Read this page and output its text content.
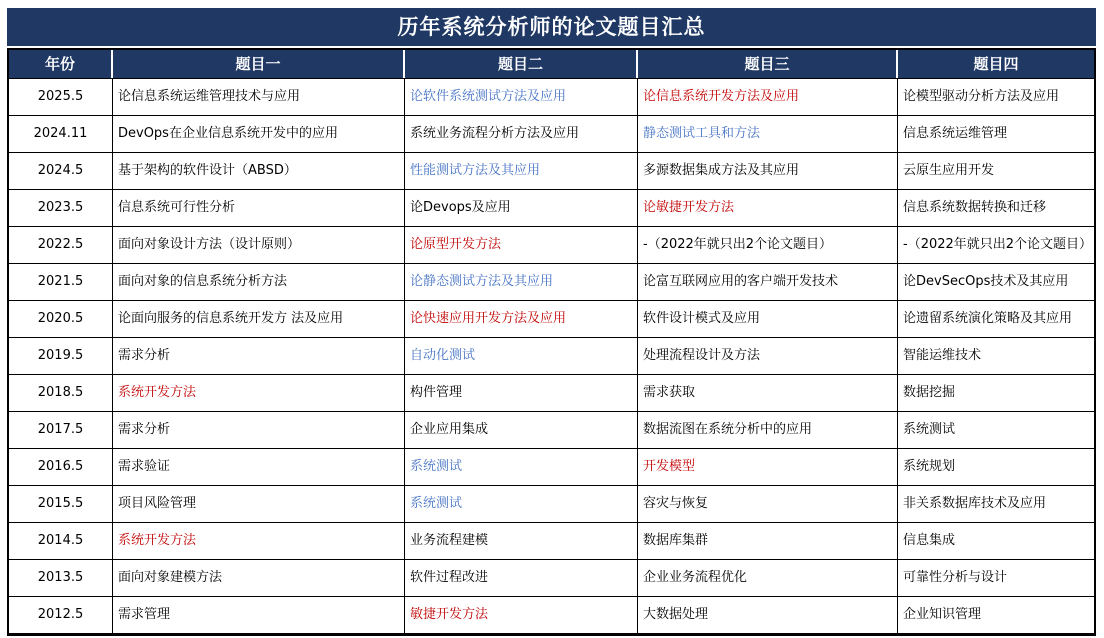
历年系统分析师的论文题目汇总
年份	题目一	题目二	题目三	题目四
2025.5	论信息系统运维管理技术与应用	论软件系统测试方法及应用	论信息系统开发方法及应用	论模型驱动分析方法及应用
2024.11	DevOps在企业信息系统开发中的应用	系统业务流程分析方法及应用	静态测试工具和方法	信息系统运维管理
2024.5	基于架构的软件设计（ABSD）	性能测试方法及其应用	多源数据集成方法及其应用	云原生应用开发
2023.5	信息系统可行性分析	论Devops及应用	论敏捷开发方法	信息系统数据转换和迁移
2022.5	面向对象设计方法（设计原则）	论原型开发方法	-（2022年就只出2个论文题目）	-（2022年就只出2个论文题目）
2021.5	面向对象的信息系统分析方法	论静态测试方法及其应用	论富互联网应用的客户端开发技术	论DevSecOps技术及其应用
2020.5	论面向服务的信息系统开发方 法及应用	论快速应用开发方法及应用	软件设计模式及应用	论遗留系统演化策略及其应用
2019.5	需求分析	自动化测试	处理流程设计及方法	智能运维技术
2018.5	系统开发方法	构件管理	需求获取	数据挖掘
2017.5	需求分析	企业应用集成	数据流图在系统分析中的应用	系统测试
2016.5	需求验证	系统测试	开发模型	系统规划
2015.5	项目风险管理	系统测试	容灾与恢复	非关系数据库技术及应用
2014.5	系统开发方法	业务流程建模	数据库集群	信息集成
2013.5	面向对象建模方法	软件过程改进	企业业务流程优化	可靠性分析与设计
2012.5	需求管理	敏捷开发方法	大数据处理	企业知识管理
